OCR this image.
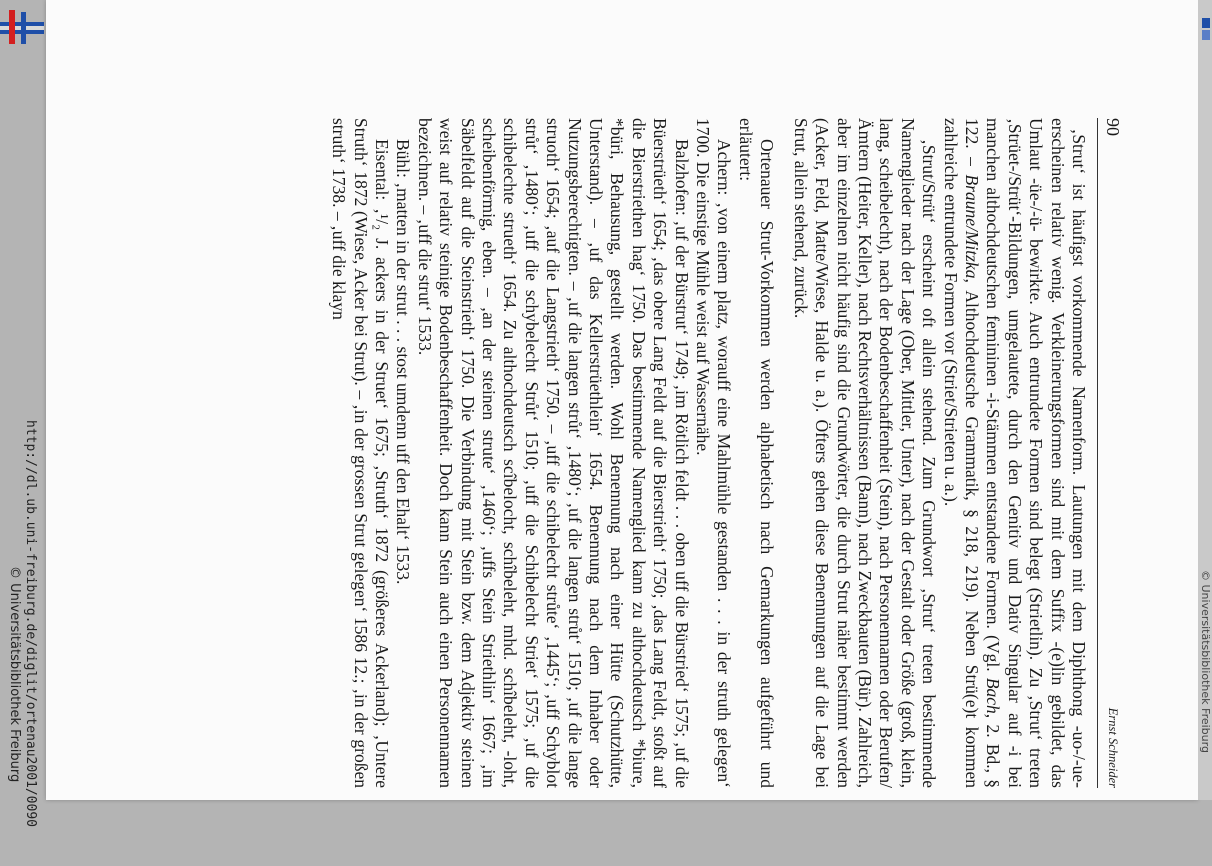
© Universitätsbibliothek Freiburg
90
Ernst Schneider

‚Strut‘ ist häufigst vorkommende Namenform. Lautungen mit dem Diphthong -uo-/-ue- erscheinen relativ wenig. Verkleinerungsformen sind mit dem Suffix -(e)lin gebildet, das Umlaut -üe-/-ü- bewirkte. Auch entrundete Formen sind belegt (Strietlin). Zu ‚Strut‘ treten ‚Strüet-/Strüt‘-Bildungen, umgelautete, durch den Genitiv und Dativ Singular auf -i bei manchen althochdeutschen femininen -i-Stämmen entstandene Formen. (Vgl. Bach, 2. Bd., § 122. – Braune/Mitzka, Althochdeutsche Grammatik, § 218, 219). Neben Strü(e)t kommen zahlreiche entrundete Formen vor (Striet/Strieten u. a.).

‚Strut/Strüt‘ erscheint oft allein stehend. Zum Grundwort ‚Strut‘ treten bestimmende Namenglieder nach der Lage (Ober, Mittler, Unter), nach der Gestalt oder Größe (groß, klein, lang, scheibelecht), nach der Bodenbeschaffenheit (Stein), nach Personennamen oder Berufen/Ämtern (Heiter, Keller), nach Rechtsverhältnissen (Bann), nach Zweckbauten (Bür). Zahlreich, aber im einzelnen nicht häufig sind die Grundwörter, die durch Strut näher bestimmt werden (Acker, Feld, Matte/Wiese, Halde u. a.). Öfters gehen diese Benennungen auf die Lage bei Strut, allein stehend, zurück.

Ortenauer Strut-Vorkommen werden alphabetisch nach Gemarkungen aufgeführt und erläutert:

Achern: ‚von einem platz, worauff eine Mahlmühle gestanden . . . in der struth gelegen‘ 1700. Die einstige Mühle weist auf Wassernähe.

Balzhofen: ‚uf der Bürstrut‘ 1749; ‚im Rötlich feldt . . . oben uff die Bürstried‘ 1575; ‚uf die Büerstrüeth‘ 1654; ‚das obere Lang Feldt auf die Bierstrieth‘ 1750; ‚das Lang Feldt, stoßt auf die Bierstriethen hag‘ 1750. Das bestimmende Namenglied kann zu althochdeutsch *biure, *büri, Behausung, gestellt werden. Wohl Benennung nach einer Hütte (Schutzhütte, Unterstand). – ‚uf das Kellerstrüethlein‘ 1654. Benennung nach dem Inhaber oder Nutzungsberechtigten. – ‚uf die langen strůt‘ ‚1480‘; ‚uf die langen strůt‘ 1510; ‚uf die lange struoth‘ 1654; ‚auf die Langstrieth‘ 1750. – ‚uff die schibelecht strůte‘ ‚1445‘; ‚uff Schyblot strůt‘ ‚1480‘; ‚uff die schybelecht Strůt‘ 1510; ‚uff die Schibelecht Striet‘ 1575; ‚uf die schibelechte strueth‘ 1654. Zu althochdeutsch scîbelocht, schîbeleht, mhd. schîbeleht, -loht, scheibenförmig, eben. – ‚an der steinen strute‘ ‚1460‘; ‚uffs Stein Striethlin‘ 1667; ‚im Säbelfeldt auf die Steinstrieth‘ 1750. Die Verbindung mit Stein bzw. dem Adjektiv steinen weist auf relativ steinige Bodenbeschaffenheit. Doch kann Stein auch einen Personennamen bezeichnen. – ‚uff die strut‘ 1533.

Bühl: ‚matten in der strut . . . stost umdenn uff den Ehalt‘ 1533.

Eisental: ‚¹/₂ J. ackers in der Struet‘ 1675; ‚Struth‘ 1872 (größeres Ackerland); ‚Untere Struth‘ 1872 (Wiese, Acker bei Strut). – ‚in der grossen Strut gelegen‘ 1586 12.; ‚in der großen struth‘ 1738. – ‚uff die klayn

http://dl.ub.uni-freiburg.de/diglit/ortenau2001/0090
© Universitätsbibliothek Freiburg
